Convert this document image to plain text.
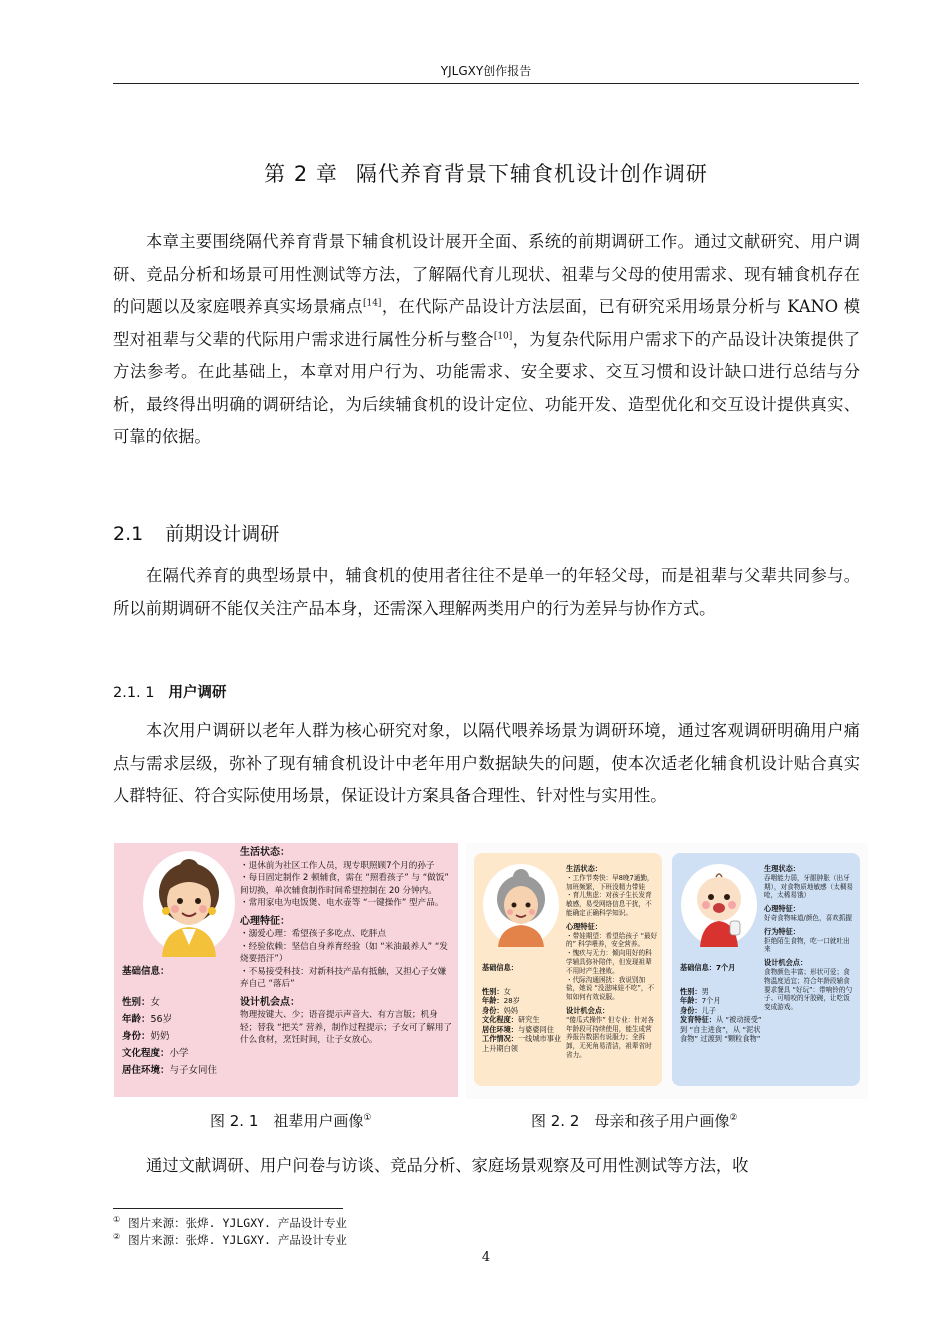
YJLGXY创作报告
第 2 章 隔代养育背景下辅食机设计创作调研

本章主要围绕隔代养育背景下辅食机设计展开全面、系统的前期调研工作。通过文献研究、用户调研、竞品分析和场景可用性测试等方法，了解隔代育儿现状、祖辈与父母的使用需求、现有辅食机存在的问题以及家庭喂养真实场景痛点[14]，在代际产品设计方法层面，已有研究采用场景分析与 KANO 模型对祖辈与父辈的代际用户需求进行属性分析与整合[10]，为复杂代际用户需求下的产品设计决策提供了方法参考。在此基础上，本章对用户行为、功能需求、安全要求、交互习惯和设计缺口进行总结与分析，最终得出明确的调研结论，为后续辅食机的设计定位、功能开发、造型优化和交互设计提供真实、可靠的依据。

2.1 前期设计调研

在隔代养育的典型场景中，辅食机的使用者往往不是单一的年轻父母，而是祖辈与父辈共同参与。所以前期调研不能仅关注产品本身，还需深入理解两类用户的行为差异与协作方式。

2.1. 1 用户调研

本次用户调研以老年人群为核心研究对象，以隔代喂养场景为调研环境，通过客观调研明确用户痛点与需求层级，弥补了现有辅食机设计中老年用户数据缺失的问题，使本次适老化辅食机设计贴合真实人群特征、符合实际使用场景，保证设计方案具备合理性、针对性与实用性。

基础信息：
性别：女
年龄：56岁
身份：奶奶
文化程度：小学
居住环境：与子女同住
生活状态：
・退休前为社区工作人员，现专职照顾7个月的孙子
・每日固定制作 2 顿辅食，需在 “照看孩子” 与 “做饭” 间切换，单次辅食制作时间希望控制在 20 分钟内。
・常用家电为电饭煲、电水壶等 “一键操作” 型产品。
心理特征：
・溺爱心理：希望孩子多吃点、吃胖点
・经验依赖：坚信自身养育经验（如 “米油最养人” “发烧要捂汗”）
・不易接受科技：对新科技产品有抵触，又担心子女嫌弃自己 “落后”
设计机会点：
物理按键大、少；语音提示声音大、有方言版；机身轻；替我 “把关” 营养，制作过程提示；子女可了解用了什么食材，烹饪时间，让子女放心。
基础信息：
性别：女
年龄：28岁
身份：妈妈
文化程度：研究生
居住环境：与婆婆同住
工作情况：一线城市事业上升期白领
生活状态：
・工作节奏快：早8晚7通勤，加班频繁，下班没精力带娃
・育儿焦虑：对孩子生长发育敏感，易受网络信息干扰，不能确定正确科学知识。
心理特征：
・带娃期望：希望给孩子 “最好的” 科学喂养，安全营养。
・愧疚与无力：倾向用好的科学辅具弥补陪伴，但发现祖辈不用时产生挫败。
・代际沟通困扰：我说别加盐，她说 “没滋味娃不吃”，不知如何有效说服。
设计机会点：
“傻瓜式操作” 但专业：针对各年龄段可持续使用，能生成营养报告数据有说服力；全拆卸，无死角易清洁，祖辈省时省力。
基础信息：7个月
性别：男
年龄：7个月
身份：儿子
发育特征：从 “被动接受” 到 “自主进食”，从 “泥状食物” 过渡到 “颗粒食物”
生理状态：
吞咽能力弱，牙龈肿胀（出牙期），对食物质地敏感（太稠易呛，太稀易饿）
心理特征：
好奇食物味道/颜色，喜欢抓握
行为特征：
拒绝陌生食物，吃一口就吐出来
设计机会点：
食物颜色丰富；形状可爱；食物温度适宜；符合年龄段辅食要求餐具 “好玩”：带响铃的勺子、可啃咬的牙胶碗，让吃饭变成游戏。
图 2. 1　祖辈用户画像①	图 2. 2　母亲和孩子用户画像②

通过文献调研、用户问卷与访谈、竞品分析、家庭场景观察及可用性测试等方法，收

① 图片来源：张烨. YJLGXY. 产品设计专业
② 图片来源：张烨. YJLGXY. 产品设计专业
4
